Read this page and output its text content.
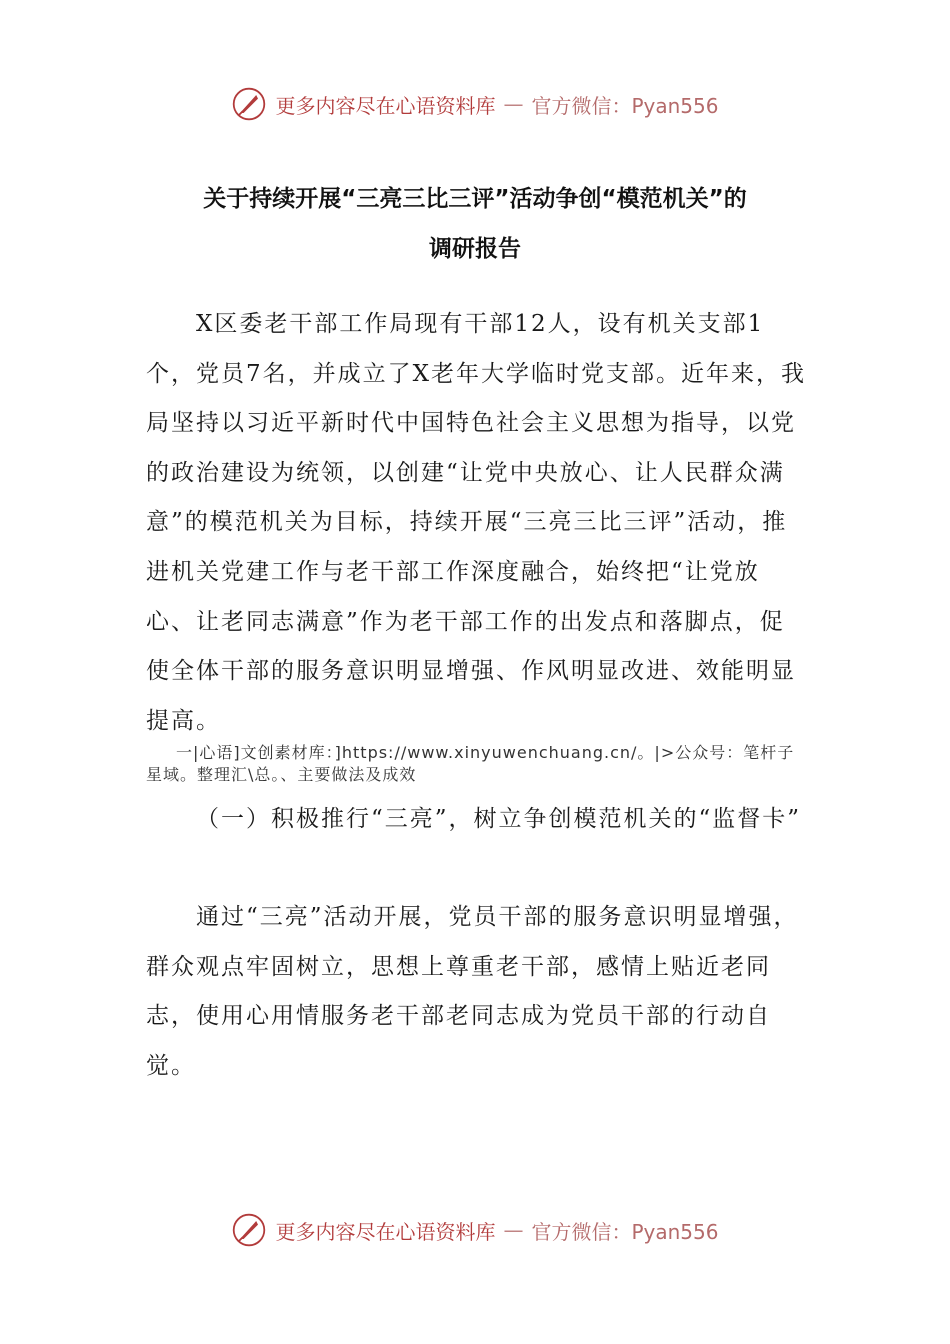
更多内容尽在心语资料库 — 官方微信：Pyan556
关于持续开展“三亮三比三评”活动争创“模范机关”的
调研报告
X区委老干部工作局现有干部12人，设有机关支部1个，党员7名，并成立了X老年大学临时党支部。近年来，我局坚持以习近平新时代中国特色社会主义思想为指导，以党的政治建设为统领，以创建“让党中央放心、让人民群众满意”的模范机关为目标，持续开展“三亮三比三评”活动，推进机关党建工作与老干部工作深度融合，始终把“让党放心、让老同志满意”作为老干部工作的出发点和落脚点，促使全体干部的服务意识明显增强、作风明显改进、效能明显提高。
一|心语]文创素材库：]https://www.xinyuwenchuang.cn/。|>公众号：笔杆子星域。整理汇\总。、主要做法及成效
（一）积极推行“三亮”，树立争创模范机关的“监督卡”
通过“三亮”活动开展，党员干部的服务意识明显增强，群众观点牢固树立，思想上尊重老干部，感情上贴近老同志，使用心用情服务老干部老同志成为党员干部的行动自觉。
更多内容尽在心语资料库 — 官方微信：Pyan556
